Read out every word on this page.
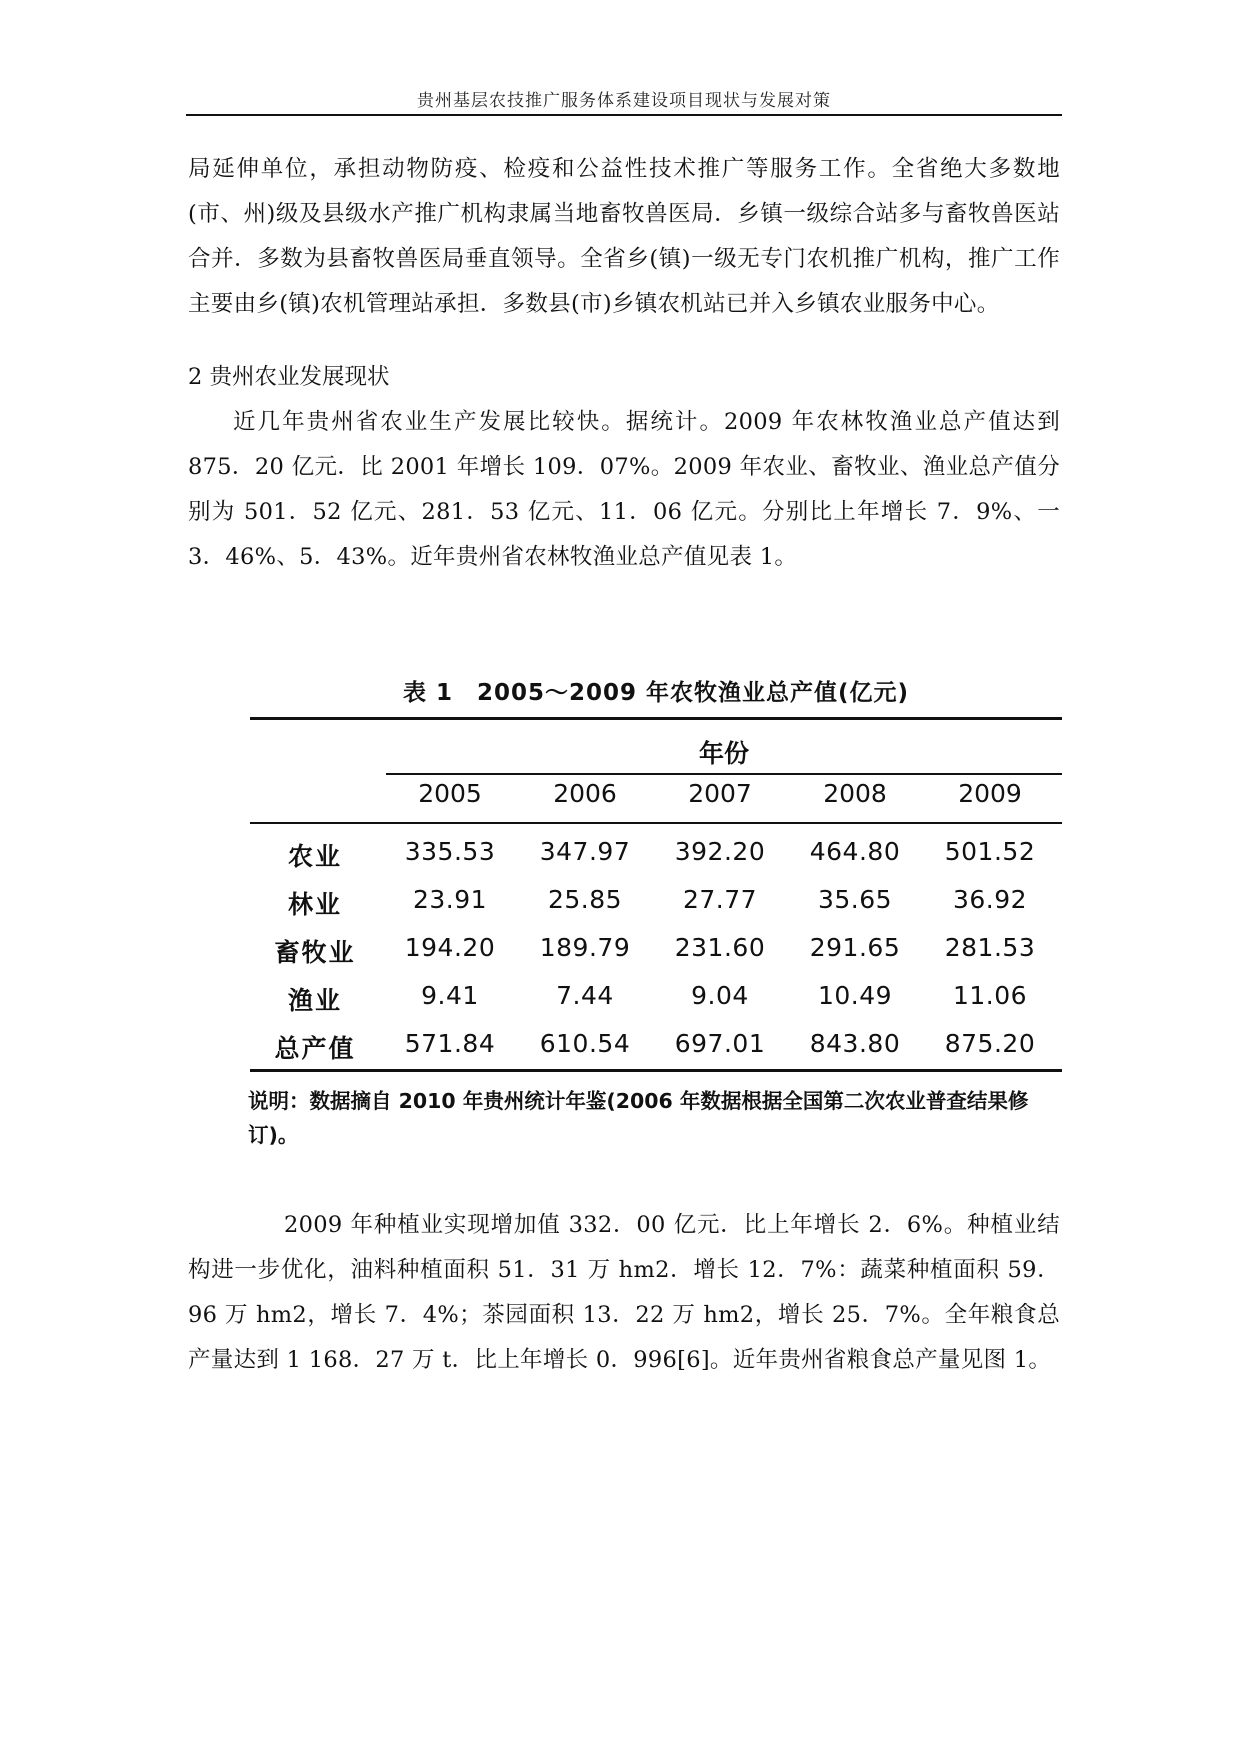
贵州基层农技推广服务体系建设项目现状与发展对策

局延伸单位，承担动物防疫、检疫和公益性技术推广等服务工作。全省绝大多数地(市、州)级及县级水产推广机构隶属当地畜牧兽医局．乡镇一级综合站多与畜牧兽医站合并．多数为县畜牧兽医局垂直领导。全省乡(镇)一级无专门农机推广机构，推广工作主要由乡(镇)农机管理站承担．多数县(市)乡镇农机站已并入乡镇农业服务中心。

2 贵州农业发展现状

近几年贵州省农业生产发展比较快。据统计。2009 年农林牧渔业总产值达到 875．20 亿元．比 2001 年增长 109．07%。2009 年农业、畜牧业、渔业总产值分别为 501．52 亿元、281．53 亿元、11．06 亿元。分别比上年增长 7．9%、一 3．46%、5．43%。近年贵州省农林牧渔业总产值见表 1。

表 1　2005～2009 年农牧渔业总产值(亿元)
年份
2005	2006	2007	2008	2009
农业	335.53	347.97	392.20	464.80	501.52
林业	23.91	25.85	27.77	35.65	36.92
畜牧业	194.20	189.79	231.60	291.65	281.53
渔业	9.41	7.44	9.04	10.49	11.06
总产值	571.84	610.54	697.01	843.80	875.20

说明：数据摘自 2010 年贵州统计年鉴(2006 年数据根据全国第二次农业普查结果修订)。

2009 年种植业实现增加值 332．00 亿元．比上年增长 2．6%。种植业结构进一步优化，油料种植面积 51．31 万 hm2．增长 12．7%：蔬菜种植面积 59．96 万 hm2，增长 7．4%；茶园面积 13．22 万 hm2，增长 25．7%。全年粮食总产量达到 1 168．27 万 t．比上年增长 0．996[6]。近年贵州省粮食总产量见图 1。
